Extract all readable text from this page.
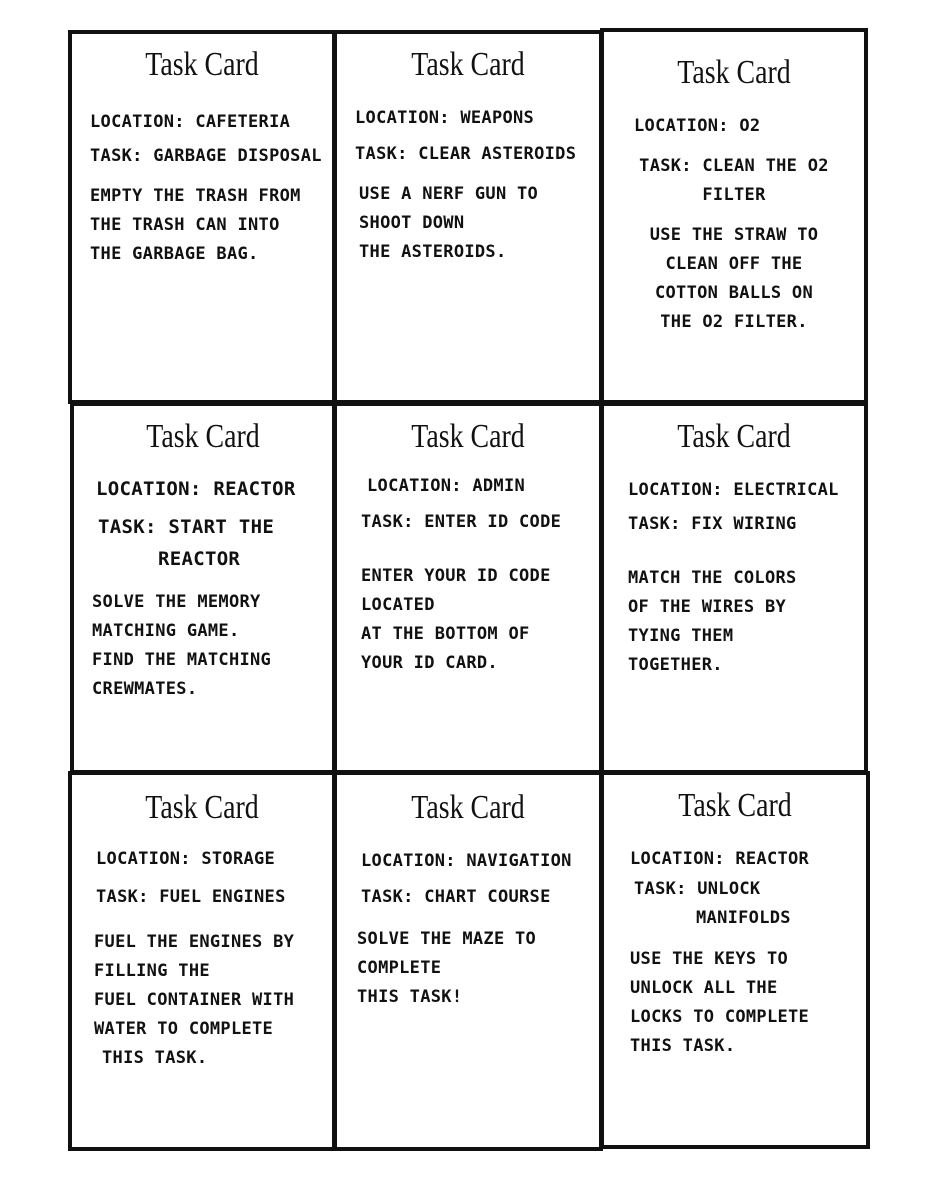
Task Card
LOCATION: CAFETERIA
TASK: GARBAGE DISPOSAL
EMPTY THE TRASH FROM
THE TRASH CAN INTO
THE GARBAGE BAG.
Task Card
LOCATION: WEAPONS
TASK: CLEAR ASTEROIDS
USE A NERF GUN TO
SHOOT DOWN
THE ASTEROIDS.
Task Card
LOCATION: O2
TASK: CLEAN THE O2
FILTER
USE THE STRAW TO
CLEAN OFF THE
COTTON BALLS ON
THE O2 FILTER.
Task Card
LOCATION: REACTOR
TASK: START THE
REACTOR
SOLVE THE MEMORY
MATCHING GAME.
FIND THE MATCHING
CREWMATES.
Task Card
LOCATION: ADMIN
TASK: ENTER ID CODE
ENTER YOUR ID CODE
LOCATED
AT THE BOTTOM OF
YOUR ID CARD.
Task Card
LOCATION: ELECTRICAL
TASK: FIX WIRING
MATCH THE COLORS
OF THE WIRES BY
TYING THEM
TOGETHER.
Task Card
LOCATION: STORAGE
TASK: FUEL ENGINES
FUEL THE ENGINES BY
FILLING THE
FUEL CONTAINER WITH
WATER TO COMPLETE
THIS TASK.
Task Card
LOCATION: NAVIGATION
TASK: CHART COURSE
SOLVE THE MAZE TO
COMPLETE
THIS TASK!
Task Card
LOCATION: REACTOR
TASK: UNLOCK
MANIFOLDS
USE THE KEYS TO
UNLOCK ALL THE
LOCKS TO COMPLETE
THIS TASK.
